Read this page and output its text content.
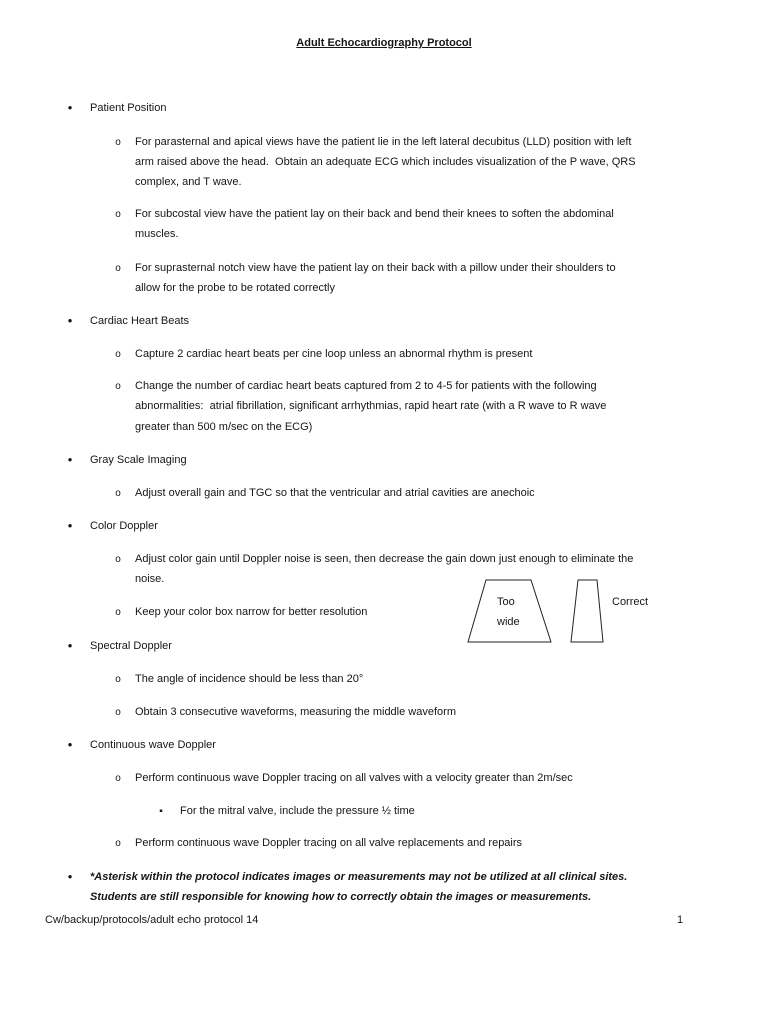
Adult Echocardiography Protocol
•
Patient Position
o
For parasternal and apical views have the patient lie in the left lateral decubitus (LLD) position with left
arm raised above the head.  Obtain an adequate ECG which includes visualization of the P wave, QRS
complex, and T wave.
o
For subcostal view have the patient lay on their back and bend their knees to soften the abdominal
muscles.
o
For suprasternal notch view have the patient lay on their back with a pillow under their shoulders to
allow for the probe to be rotated correctly
•
Cardiac Heart Beats
o
Capture 2 cardiac heart beats per cine loop unless an abnormal rhythm is present
o
Change the number of cardiac heart beats captured from 2 to 4-5 for patients with the following
abnormalities:  atrial fibrillation, significant arrhythmias, rapid heart rate (with a R wave to R wave
greater than 500 m/sec on the ECG)
•
Gray Scale Imaging
o
Adjust overall gain and TGC so that the ventricular and atrial cavities are anechoic
•
Color Doppler
o
Adjust color gain until Doppler noise is seen, then decrease the gain down just enough to eliminate the
noise.
o
Keep your color box narrow for better resolution
Too
wide
Correct
•
Spectral Doppler
o
The angle of incidence should be less than 20°
o
Obtain 3 consecutive waveforms, measuring the middle waveform
•
Continuous wave Doppler
o
Perform continuous wave Doppler tracing on all valves with a velocity greater than 2m/sec
▪
For the mitral valve, include the pressure ½ time
o
Perform continuous wave Doppler tracing on all valve replacements and repairs
•
*Asterisk within the protocol indicates images or measurements may not be utilized at all clinical sites.
Students are still responsible for knowing how to correctly obtain the images or measurements.
Cw/backup/protocols/adult echo protocol 14	1
